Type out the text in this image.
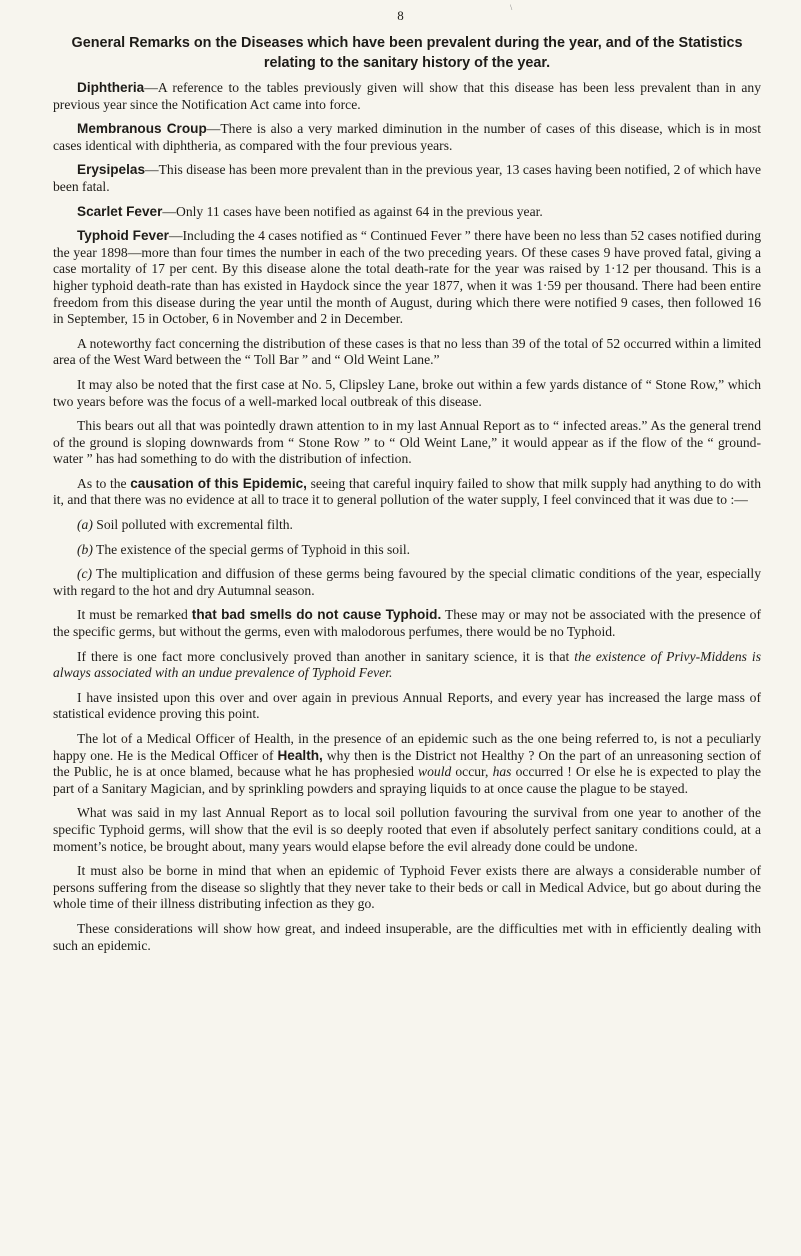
\
8
General Remarks on the Diseases which have been prevalent during the year, and of the Statistics relating to the sanitary history of the year.

Diphtheria—A reference to the tables previously given will show that this disease has been less prevalent than in any previous year since the Notification Act came into force.

Membranous Croup—There is also a very marked diminution in the number of cases of this disease, which is in most cases identical with diphtheria, as compared with the four previous years.

Erysipelas—This disease has been more prevalent than in the previous year, 13 cases having been notified, 2 of which have been fatal.

Scarlet Fever—Only 11 cases have been notified as against 64 in the previous year.

Typhoid Fever—Including the 4 cases notified as “ Continued Fever ” there have been no less than 52 cases notified during the year 1898—more than four times the number in each of the two preceding years. Of these cases 9 have proved fatal, giving a case mortality of 17 per cent. By this disease alone the total death-rate for the year was raised by 1·12 per thousand. This is a higher typhoid death-rate than has existed in Haydock since the year 1877, when it was 1·59 per thousand. There had been entire freedom from this disease during the year until the month of August, during which there were notified 9 cases, then followed 16 in September, 15 in October, 6 in November and 2 in December.

A noteworthy fact concerning the distribution of these cases is that no less than 39 of the total of 52 occurred within a limited area of the West Ward between the “ Toll Bar ” and “ Old Weint Lane.”

It may also be noted that the first case at No. 5, Clipsley Lane, broke out within a few yards distance of “ Stone Row,” which two years before was the focus of a well-marked local outbreak of this disease.

This bears out all that was pointedly drawn attention to in my last Annual Report as to “ infected areas.” As the general trend of the ground is sloping downwards from “ Stone Row ” to “ Old Weint Lane,” it would appear as if the flow of the “ ground-water ” has had something to do with the distribution of infection.

As to the causation of this Epidemic, seeing that careful inquiry failed to show that milk supply had anything to do with it, and that there was no evidence at all to trace it to general pollution of the water supply, I feel convinced that it was due to :—

(a) Soil polluted with excremental filth.
(b) The existence of the special germs of Typhoid in this soil.
(c) The multiplication and diffusion of these germs being favoured by the special climatic conditions of the year, especially with regard to the hot and dry Autumnal season.

It must be remarked that bad smells do not cause Typhoid. These may or may not be associated with the presence of the specific germs, but without the germs, even with malodorous perfumes, there would be no Typhoid.

If there is one fact more conclusively proved than another in sanitary science, it is that the existence of Privy-Middens is always associated with an undue prevalence of Typhoid Fever.

I have insisted upon this over and over again in previous Annual Reports, and every year has increased the large mass of statistical evidence proving this point.

The lot of a Medical Officer of Health, in the presence of an epidemic such as the one being referred to, is not a peculiarly happy one. He is the Medical Officer of Health, why then is the District not Healthy ? On the part of an unreasoning section of the Public, he is at once blamed, because what he has prophesied would occur, has occurred ! Or else he is expected to play the part of a Sanitary Magician, and by sprinkling powders and spraying liquids to at once cause the plague to be stayed.

What was said in my last Annual Report as to local soil pollution favouring the survival from one year to another of the specific Typhoid germs, will show that the evil is so deeply rooted that even if absolutely perfect sanitary conditions could, at a moment’s notice, be brought about, many years would elapse before the evil already done could be undone.

It must also be borne in mind that when an epidemic of Typhoid Fever exists there are always a considerable number of persons suffering from the disease so slightly that they never take to their beds or call in Medical Advice, but go about during the whole time of their illness distributing infection as they go.

These considerations will show how great, and indeed insuperable, are the difficulties met with in efficiently dealing with such an epidemic.
